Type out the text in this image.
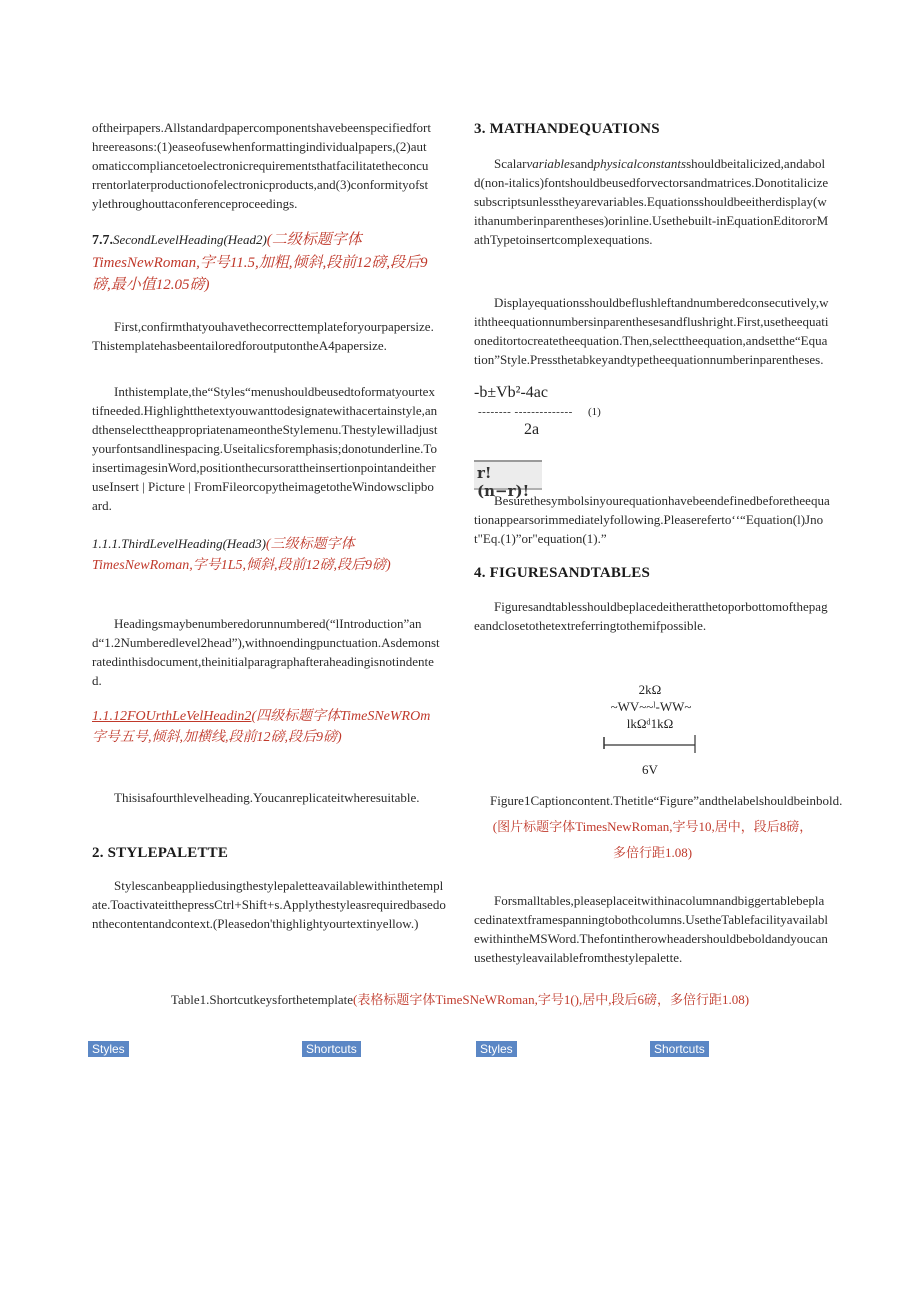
oftheirpapers.Allstandardpapercomponentshavebeenspecifiedforthreereasons:(1)easeofusewhenformattingindividualpapers,(2)automaticcompliancetoelectronicrequirementsthatfacilitatetheconcurrentorlaterproductionofelectronicproducts,and(3)conformityofstylethroughouttaconferenceproceedings.

7.7.SecondLevelHeading(Head2)(二级标题字体TimesNewRoman,字号11.5,加粗,倾斜,段前12磅,段后9磅,最小值12.05磅)

First,confirmthatyouhavethecorrecttemplateforyourpapersize.ThistemplatehasbeentailoredforoutputontheA4papersize.

Inthistemplate,the“Styles“menushouldbeusedtoformatyourtextifneeded.Highlightthetextyouwanttodesignatewithacertainstyle,andthenselecttheappropriatenameontheStylemenu.Thestylewilladjustyourfontsandlinespacing.Useitalicsforemphasis;donotunderline.ToinsertimagesinWord,positionthecursorattheinsertionpointandeitheruseInsert | Picture | FromFileorcopytheimagetotheWindowsclipboard.

1.1.1.ThirdLevelHeading(Head3)(三级标题字体TimesNewRoman,字号1L5,倾斜,段前12磅,段后9磅)

Headingsmaybenumberedorunnumbered(“lIntroduction”and“1.2Numberedlevel2head”),withnoendingpunctuation.Asdemonstratedinthisdocument,theinitialparagraphafteraheadingisnotindented.

1.1.12FOUrthLeVelHeadin2(四级标题字体TimeSNeWROm字号五号,倾斜,加横线,段前12磅,段后9磅)

Thisisafourthlevelheading.Youcanreplicateitwheresuitable.

2. STYLEPALETTE

Stylescanbeappliedusingthestylepaletteavailablewithinthetemplate.ToactivateitthepressCtrl+Shift+s.Applythestyleasrequiredbasedonthecontentandcontext.(Pleasedon'thighlightyourtextinyellow.)

3. MATHANDEQUATIONS

Scalarvariablesandphysicalconstantsshouldbeitalicized,andabold(non-italics)fontshouldbeusedforvectorsandmatrices.Donotitalicizesubscriptsunlesstheyarevariables.Equationsshouldbeeitherdisplay(withanumberinparentheses)orinline.Usethebuilt-inEquationEditororMathTypetoinsertcomplexequations.

Displayequationsshouldbeflushleftandnumberedconsecutively,withtheequationnumbersinparenthesesandflushright.First,usetheequationeditortocreatetheequation.Then,selecttheequation,andsetthe“Equation”Style.Pressthetabkeyandtypetheequationnumberinparentheses.

-b±Vb²-4ac
-------- -------------- (1)
2a
r!(n−r)!

Besurethesymbolsinyourequationhavebeendefinedbeforetheequationappearsorimmediatelyfollowing.Pleaserefertoʻʻ“Equation(l)Jnot"Eq.(1)”or"equation(1).”

4. FIGURESANDTABLES

Figuresandtablesshouldbeplacedeitheratthetoporbottomofthepageandclosetothetextreferringtothemifpossible.

2kΩ
~WV~~ˡ-WW~
lkΩᵈ1kΩ
6V
Figure1Captioncontent.Thetitle“Figure”andthelabelshouldbeinbold.(图片标题字体TimesNewRoman,字号10,居中，段后8磅，多倍行距1.08)

Forsmalltables,pleaseplaceitwithinacolumnandbiggertablebeplacedinatextframespanningtobothcolumns.UsetheTablefacilityavailablewithintheMSWord.Thefontintherowheadershouldbeboldandyoucanusethestyleavailablefromthestylepalette.

Table1.Shortcutkeysforthetemplate(表格标题字体TimeSNeWRoman,字号1(),居中,段后6磅，多倍行距1.08)
Styles	Shortcuts	Styles	Shortcuts
